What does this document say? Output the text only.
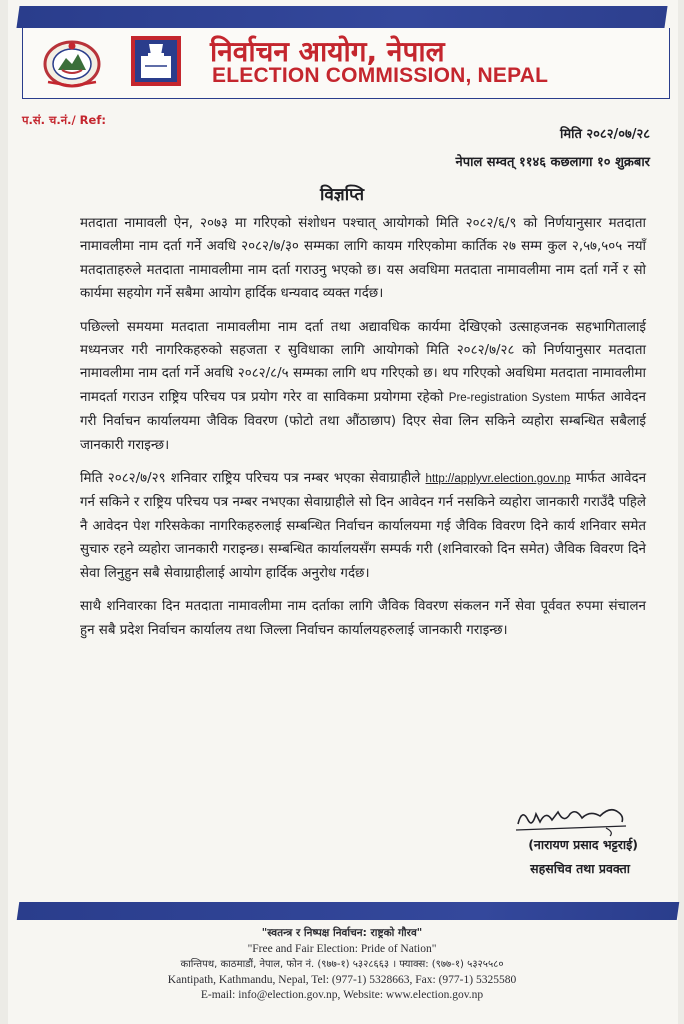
निर्वाचन आयोग, नेपाल
ELECTION COMMISSION, NEPAL
प.सं. च.नं./ Ref:
मिति २०८२/०७/२८
नेपाल सम्वत् ११४६ कछलागा १० शुक्रबार
विज्ञप्ति

मतदाता नामावली ऐन, २०७३ मा गरिएको संशोधन पश्चात् आयोगको मिति २०८२/६/९ को निर्णयानुसार मतदाता नामावलीमा नाम दर्ता गर्ने अवधि २०८२/७/३० सम्मका लागि कायम गरिएकोमा कार्तिक २७ सम्म कुल २,५७,५०५ नयाँ मतदाताहरुले मतदाता नामावलीमा नाम दर्ता गराउनु भएको छ। यस अवधिमा मतदाता नामावलीमा नाम दर्ता गर्ने र सो कार्यमा सहयोग गर्ने सबैमा आयोग हार्दिक धन्यवाद व्यक्त गर्दछ।

पछिल्लो समयमा मतदाता नामावलीमा नाम दर्ता तथा अद्यावधिक कार्यमा देखिएको उत्साहजनक सहभागितालाई मध्यनजर गरी नागरिकहरुको सहजता र सुविधाका लागि आयोगको मिति २०८२/७/२८ को निर्णयानुसार मतदाता नामावलीमा नाम दर्ता गर्ने अवधि २०८२/८/५ सम्मका लागि थप गरिएको छ। थप गरिएको अवधिमा मतदाता नामावलीमा नामदर्ता गराउन राष्ट्रिय परिचय पत्र प्रयोग गरेर वा साविकमा प्रयोगमा रहेको Pre-registration System मार्फत आवेदन गरी निर्वाचन कार्यालयमा जैविक विवरण (फोटो तथा औंठाछाप) दिएर सेवा लिन सकिने व्यहोरा सम्बन्धित सबैलाई जानकारी गराइन्छ।

मिति २०८२/७/२९ शनिवार राष्ट्रिय परिचय पत्र नम्बर भएका सेवाग्राहीले http://applyvr.election.gov.np मार्फत आवेदन गर्न सकिने र राष्ट्रिय परिचय पत्र नम्बर नभएका सेवाग्राहीले सो दिन आवेदन गर्न नसकिने व्यहोरा जानकारी गराउँदै पहिले नै आवेदन पेश गरिसकेका नागरिकहरुलाई सम्बन्धित निर्वाचन कार्यालयमा गई जैविक विवरण दिने कार्य शनिवार समेत सुचारु रहने व्यहोरा जानकारी गराइन्छ। सम्बन्धित कार्यालयसँग सम्पर्क गरी (शनिवारको दिन समेत) जैविक विवरण दिने सेवा लिनुहुन सबै सेवाग्राहीलाई आयोग हार्दिक अनुरोध गर्दछ।

साथै शनिवारका दिन मतदाता नामावलीमा नाम दर्ताका लागि जैविक विवरण संकलन गर्ने सेवा पूर्ववत रुपमा संचालन हुन सबै प्रदेश निर्वाचन कार्यालय तथा जिल्ला निर्वाचन कार्यालयहरुलाई जानकारी गराइन्छ।

(नारायण प्रसाद भट्टराई)
सहसचिव तथा प्रवक्ता
"स्वतन्त्र र निष्पक्ष निर्वाचन: राष्ट्रको गौरव"
"Free and Fair Election: Pride of Nation"
कान्तिपथ, काठमाडौं, नेपाल, फोन नं. (९७७-१) ५३२८६६३ । फ्याक्स: (९७७-१) ५३२५५८०
Kantipath, Kathmandu, Nepal, Tel: (977-1) 5328663, Fax: (977-1) 5325580
E-mail: info@election.gov.np, Website: www.election.gov.np
